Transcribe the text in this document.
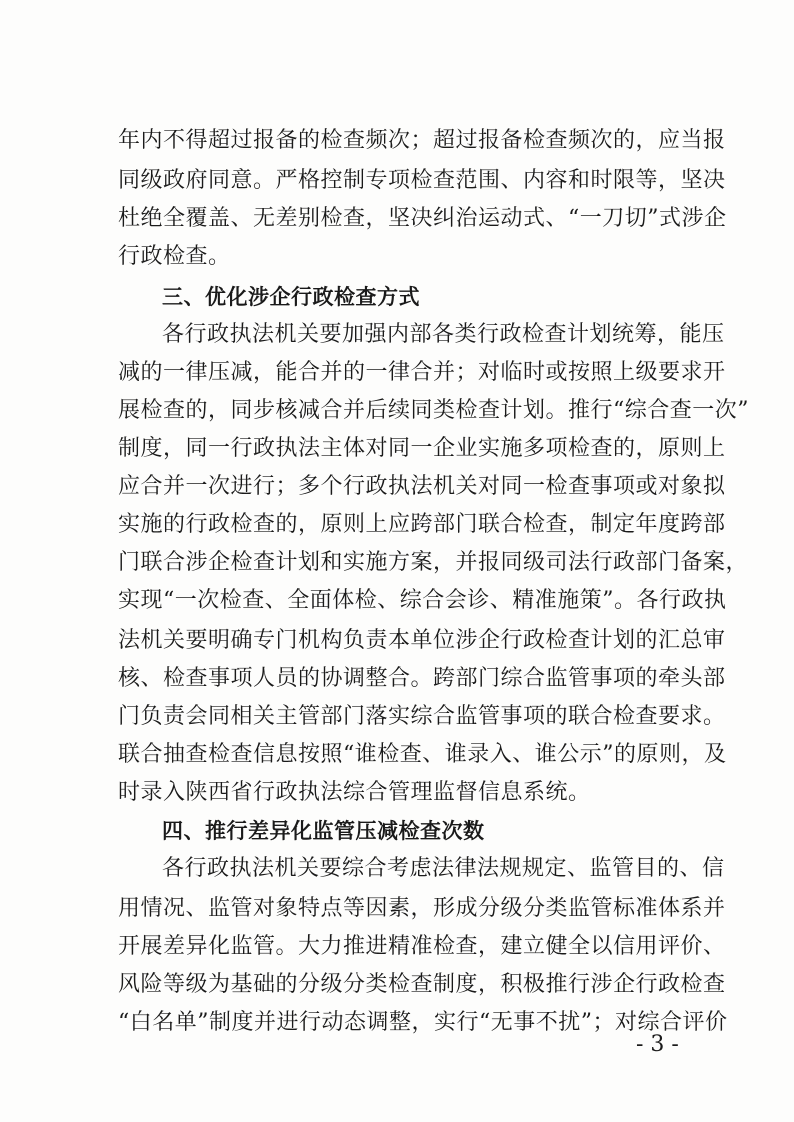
年内不得超过报备的检查频次；超过报备检查频次的，应当报
同级政府同意。严格控制专项检查范围、内容和时限等，坚决
杜绝全覆盖、无差别检查，坚决纠治运动式、“一刀切”式涉企
行政检查。
三、优化涉企行政检查方式
各行政执法机关要加强内部各类行政检查计划统筹，能压
减的一律压减，能合并的一律合并；对临时或按照上级要求开
展检查的，同步核减合并后续同类检查计划。推行“综合查一次”
制度，同一行政执法主体对同一企业实施多项检查的，原则上
应合并一次进行；多个行政执法机关对同一检查事项或对象拟
实施的行政检查的，原则上应跨部门联合检查，制定年度跨部
门联合涉企检查计划和实施方案，并报同级司法行政部门备案，
实现“一次检查、全面体检、综合会诊、精准施策”。各行政执
法机关要明确专门机构负责本单位涉企行政检查计划的汇总审
核、检查事项人员的协调整合。跨部门综合监管事项的牵头部
门负责会同相关主管部门落实综合监管事项的联合检查要求。
联合抽查检查信息按照“谁检查、谁录入、谁公示”的原则，及
时录入陕西省行政执法综合管理监督信息系统。
四、推行差异化监管压减检查次数
各行政执法机关要综合考虑法律法规规定、监管目的、信
用情况、监管对象特点等因素，形成分级分类监管标准体系并
开展差异化监管。大力推进精准检查，建立健全以信用评价、
风险等级为基础的分级分类检查制度，积极推行涉企行政检查
“白名单”制度并进行动态调整，实行“无事不扰”；对综合评价
- 3 -
